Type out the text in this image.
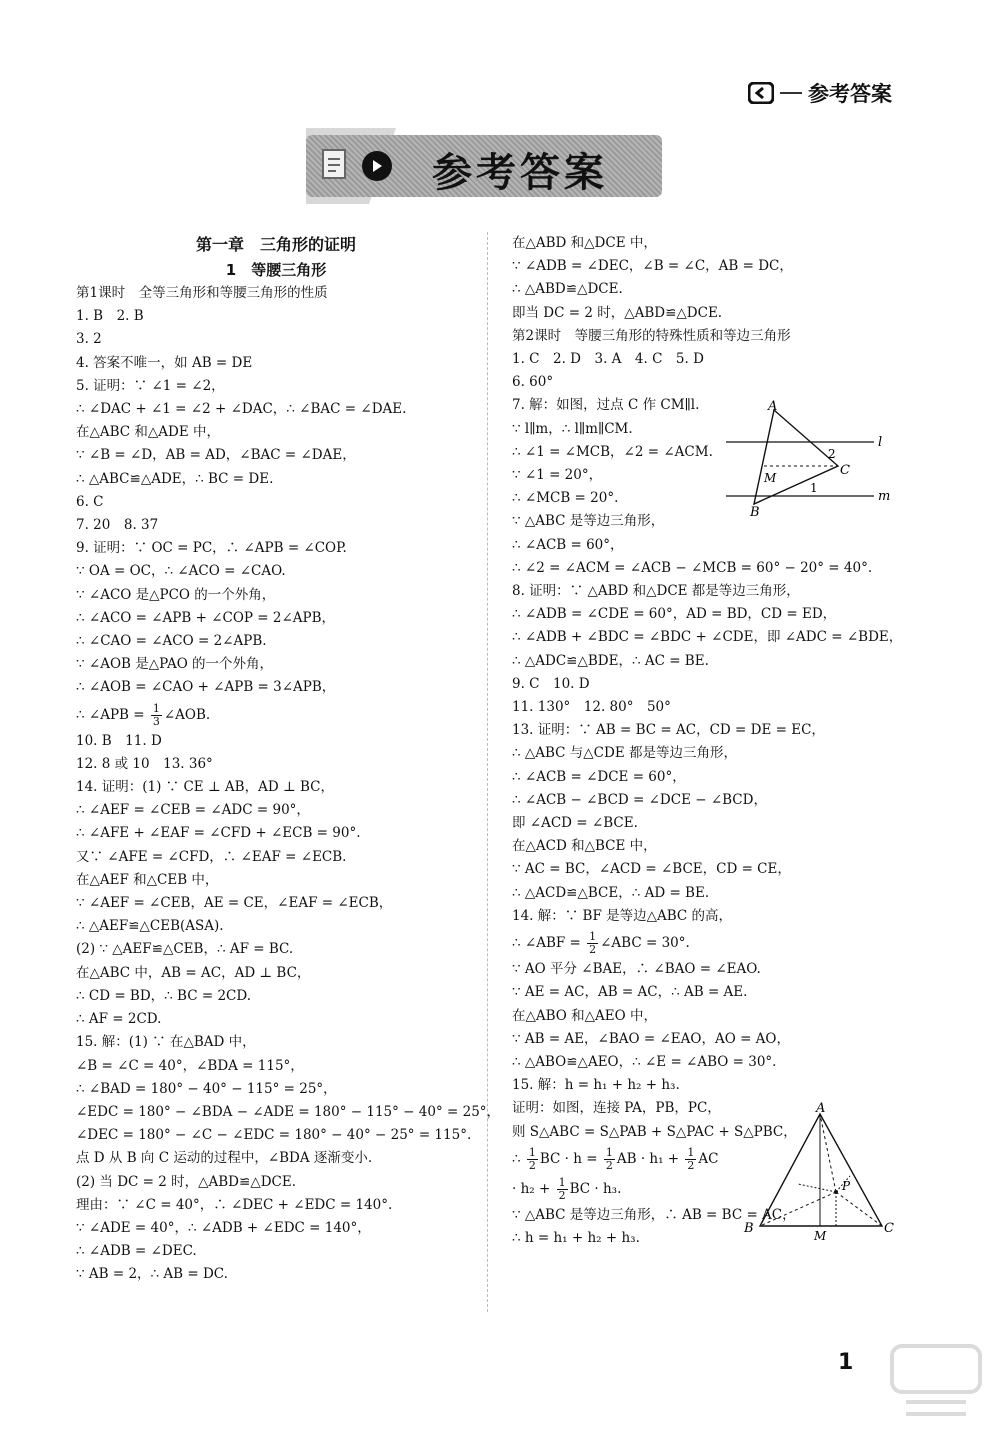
参考答案
参考答案
第一章　三角形的证明
1　等腰三角形
第1课时　全等三角形和等腰三角形的性质
1. B　2. B
3. 2
4. 答案不唯一，如 AB = DE
5. 证明：∵ ∠1 = ∠2，
∴ ∠DAC + ∠1 = ∠2 + ∠DAC，∴ ∠BAC = ∠DAE.
在△ABC 和△ADE 中，
∵ ∠B = ∠D，AB = AD，∠BAC = ∠DAE，
∴ △ABC≌△ADE，∴ BC = DE.
6. C
7. 20　8. 37
9. 证明：∵ OC = PC，∴ ∠APB = ∠COP.
∵ OA = OC，∴ ∠ACO = ∠CAO.
∵ ∠ACO 是△PCO 的一个外角，
∴ ∠ACO = ∠APB + ∠COP = 2∠APB，
∴ ∠CAO = ∠ACO = 2∠APB.
∵ ∠AOB 是△PAO 的一个外角，
∴ ∠AOB = ∠CAO + ∠APB = 3∠APB，
∴ ∠APB = $\frac{1}{3}$ ∠AOB.
10. B　11. D
12. 8 或 10　13. 36°
14. 证明：(1) ∵ CE ⊥ AB，AD ⊥ BC，
∴ ∠AEF = ∠CEB = ∠ADC = 90°，
∴ ∠AFE + ∠EAF = ∠CFD + ∠ECB = 90°.
又∵ ∠AFE = ∠CFD，∴ ∠EAF = ∠ECB.
在△AEF 和△CEB 中，
∵ ∠AEF = ∠CEB，AE = CE，∠EAF = ∠ECB，
∴ △AEF≌△CEB(ASA).
(2) ∵ △AEF≌△CEB，∴ AF = BC.
在△ABC 中，AB = AC，AD ⊥ BC，
∴ CD = BD，∴ BC = 2CD.
∴ AF = 2CD.
15. 解：(1) ∵ 在△BAD 中，
∠B = ∠C = 40°，∠BDA = 115°，
∴ ∠BAD = 180° − 40° − 115° = 25°，
∠EDC = 180° − ∠BDA − ∠ADE = 180° − 115° − 40° = 25°，
∠DEC = 180° − ∠C − ∠EDC = 180° − 40° − 25° = 115°.
点 D 从 B 向 C 运动的过程中，∠BDA 逐渐变小.
(2) 当 DC = 2 时，△ABD≌△DCE.
理由：∵ ∠C = 40°，∴ ∠DEC + ∠EDC = 140°.
∵ ∠ADE = 40°，∴ ∠ADB + ∠EDC = 140°，
∴ ∠ADB = ∠DEC.
∵ AB = 2，∴ AB = DC.
在△ABD 和△DCE 中，
∵ ∠ADB = ∠DEC，∠B = ∠C，AB = DC，
∴ △ABD≌△DCE.
即当 DC = 2 时，△ABD≌△DCE.
第2课时　等腰三角形的特殊性质和等边三角形
1. C　2. D　3. A　4. C　5. D
6. 60°
7. 解：如图，过点 C 作 CM∥l.
∵ l∥m，∴ l∥m∥CM.
∴ ∠1 = ∠MCB，∠2 = ∠ACM.
∵ ∠1 = 20°，
∴ ∠MCB = 20°.
∵ △ABC 是等边三角形，
∴ ∠ACB = 60°，
∴ ∠2 = ∠ACM = ∠ACB − ∠MCB = 60° − 20° = 40°.
8. 证明：∵ △ABD 和△DCE 都是等边三角形，
∴ ∠ADB = ∠CDE = 60°，AD = BD，CD = ED，
∴ ∠ADB + ∠BDC = ∠BDC + ∠CDE，即 ∠ADC = ∠BDE，
∴ △ADC≌△BDE，∴ AC = BE.
9. C　10. D
11. 130°　12. 80°　50°
13. 证明：∵ AB = BC = AC，CD = DE = EC，
∴ △ABC 与△CDE 都是等边三角形，
∴ ∠ACB = ∠DCE = 60°，
∴ ∠ACB − ∠BCD = ∠DCE − ∠BCD，
即 ∠ACD = ∠BCE.
在△ACD 和△BCE 中，
∵ AC = BC，∠ACD = ∠BCE，CD = CE，
∴ △ACD≌△BCE，∴ AD = BE.
14. 解：∵ BF 是等边△ABC 的高，
∴ ∠ABF = $\frac{1}{2}$ ∠ABC = 30°.
∵ AO 平分 ∠BAE，∴ ∠BAO = ∠EAO.
∵ AE = AC，AB = AC，∴ AB = AE.
在△ABO 和△AEO 中，
∵ AB = AE，∠BAO = ∠EAO，AO = AO，
∴ △ABO≌△AEO，∴ ∠E = ∠ABO = 30°.
15. 解：h = h₁ + h₂ + h₃.
证明：如图，连接 PA，PB，PC，
则 S△ABC = S△PAB + S△PAC + S△PBC，
∴ $\frac{1}{2}$ BC · $h = \frac{1}{2}$ AB · $h_1 + \frac{1}{2}$ AC
· $h_2 + \frac{1}{2}$ BC · h₃.
∵ △ABC 是等边三角形，∴ AB = BC = AC，
∴ h = h₁ + h₂ + h₃.
A
B
C
M
l
m
1
2
A
B	C
M
P
1
